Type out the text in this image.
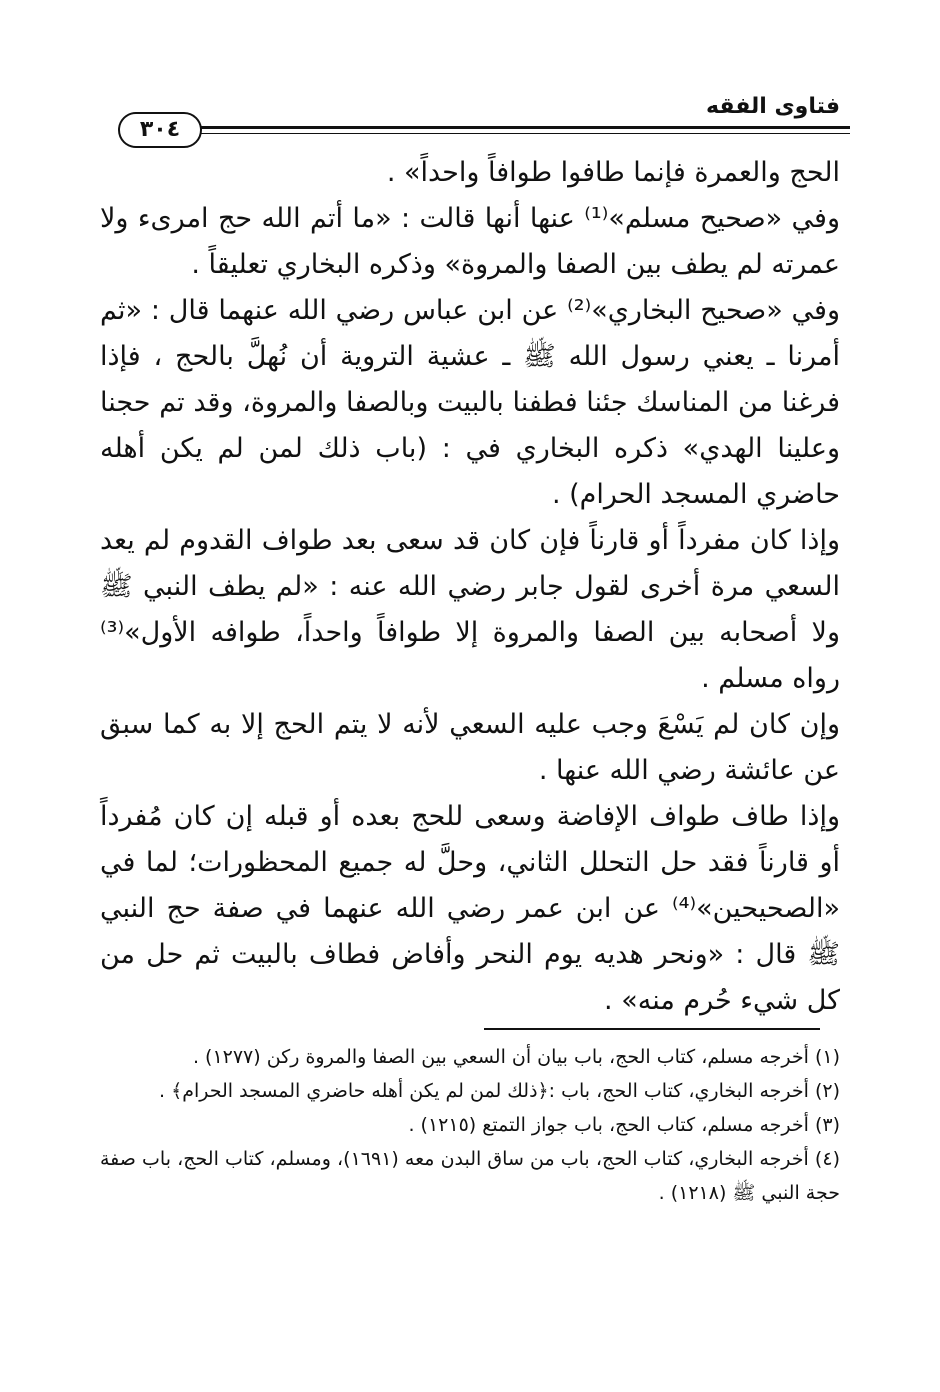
فتاوى الفقه
٣٠٤

الحج والعمرة فإنما طافوا طوافاً واحداً» .

وفي «صحيح مسلم»⁽¹⁾ عنها أنها قالت : «ما أتم الله حج امرىء ولا عمرته لم يطف بين الصفا والمروة» وذكره البخاري تعليقاً .

وفي «صحيح البخاري»⁽²⁾ عن ابن عباس رضي الله عنهما قال : «ثم أمرنا ـ يعني رسول الله ﷺ ـ عشية التروية أن نُهلَّ بالحج ، فإذا فرغنا من المناسك جئنا فطفنا بالبيت وبالصفا والمروة، وقد تم حجنا وعلينا الهدي» ذكره البخاري في : (باب ذلك لمن لم يكن أهله حاضري المسجد الحرام) .

وإذا كان مفرداً أو قارناً فإن كان قد سعى بعد طواف القدوم لم يعد السعي مرة أخرى لقول جابر رضي الله عنه : «لم يطف النبي ﷺ ولا أصحابه بين الصفا والمروة إلا طوافاً واحداً، طوافه الأول»⁽³⁾ رواه مسلم .

وإن كان لم يَسْعَ وجب عليه السعي لأنه لا يتم الحج إلا به كما سبق عن عائشة رضي الله عنها .

وإذا طاف طواف الإفاضة وسعى للحج بعده أو قبله إن كان مُفرداً أو قارناً فقد حل التحلل الثاني، وحلَّ له جميع المحظورات؛ لما في «الصحيحين»⁽⁴⁾ عن ابن عمر رضي الله عنهما في صفة حج النبي ﷺ قال : «ونحر هديه يوم النحر وأفاض فطاف بالبيت ثم حل من كل شيء حُرم منه» .

(١) أخرجه مسلم، كتاب الحج، باب بيان أن السعي بين الصفا والمروة ركن (١٢٧٧) .

(٢) أخرجه البخاري، كتاب الحج، باب :﴿ذلك لمن لم يكن أهله حاضري المسجد الحرام﴾ .

(٣) أخرجه مسلم، كتاب الحج، باب جواز التمتع (١٢١٥) .

(٤) أخرجه البخاري، كتاب الحج، باب من ساق البدن معه (١٦٩١)، ومسلم، كتاب الحج، باب صفة حجة النبي ﷺ (١٢١٨) .
